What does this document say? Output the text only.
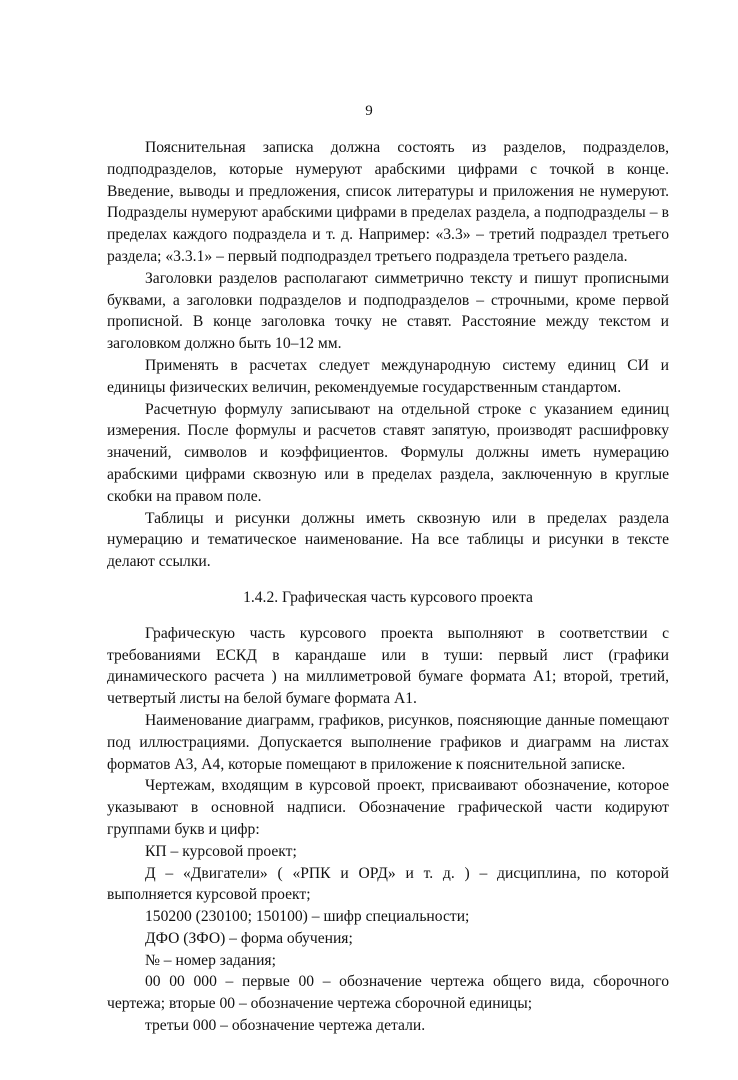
9

Пояснительная записка должна состоять из разделов, подразделов, подподразделов, которые нумеруют арабскими цифрами с точкой в конце. Введение, выводы и предложения, список литературы и приложения не нумеруют. Подразделы нумеруют арабскими цифрами в пределах раздела, а подподразделы – в пределах каждого подраздела и т. д. Например: «3.3» – третий подраздел третьего раздела; «3.3.1» – первый подподраздел третьего подраздела третьего раздела.

Заголовки разделов располагают симметрично тексту и пишут прописными буквами, а заголовки подразделов и подподразделов – строчными, кроме первой прописной. В конце заголовка точку не ставят. Расстояние между текстом и заголовком должно быть 10–12 мм.

Применять в расчетах следует международную систему единиц СИ и единицы физических величин, рекомендуемые государственным стандартом.

Расчетную формулу записывают на отдельной строке с указанием единиц измерения. После формулы и расчетов ставят запятую, производят расшифровку значений, символов и коэффициентов. Формулы должны иметь нумерацию арабскими цифрами сквозную или в пределах раздела, заключенную в круглые скобки на правом поле.

Таблицы и рисунки должны иметь сквозную или в пределах раздела нумерацию и тематическое наименование. На все таблицы и рисунки в тексте делают ссылки.

1.4.2. Графическая часть курсового проекта

Графическую часть курсового проекта выполняют в соответствии с требованиями ЕСКД в карандаше или в туши: первый лист (графики динамического расчета ) на миллиметровой бумаге формата А1; второй, третий, четвертый листы на белой бумаге формата А1.

Наименование диаграмм, графиков, рисунков, поясняющие данные помещают под иллюстрациями. Допускается выполнение графиков и диаграмм на листах форматов А3, А4, которые помещают в приложение к пояснительной записке.

Чертежам, входящим в курсовой проект, присваивают обозначение, которое указывают в основной надписи. Обозначение графической части кодируют группами букв и цифр:

КП – курсовой проект;

Д – «Двигатели» ( «РПК и ОРД» и т. д. ) – дисциплина, по которой выполняется курсовой проект;

150200 (230100; 150100) – шифр специальности;

ДФО (ЗФО) – форма обучения;

№ – номер задания;

00 00 000 – первые 00 – обозначение чертежа общего вида, сборочного чертежа; вторые 00 – обозначение чертежа сборочной единицы;

третьи 000 – обозначение чертежа детали.
